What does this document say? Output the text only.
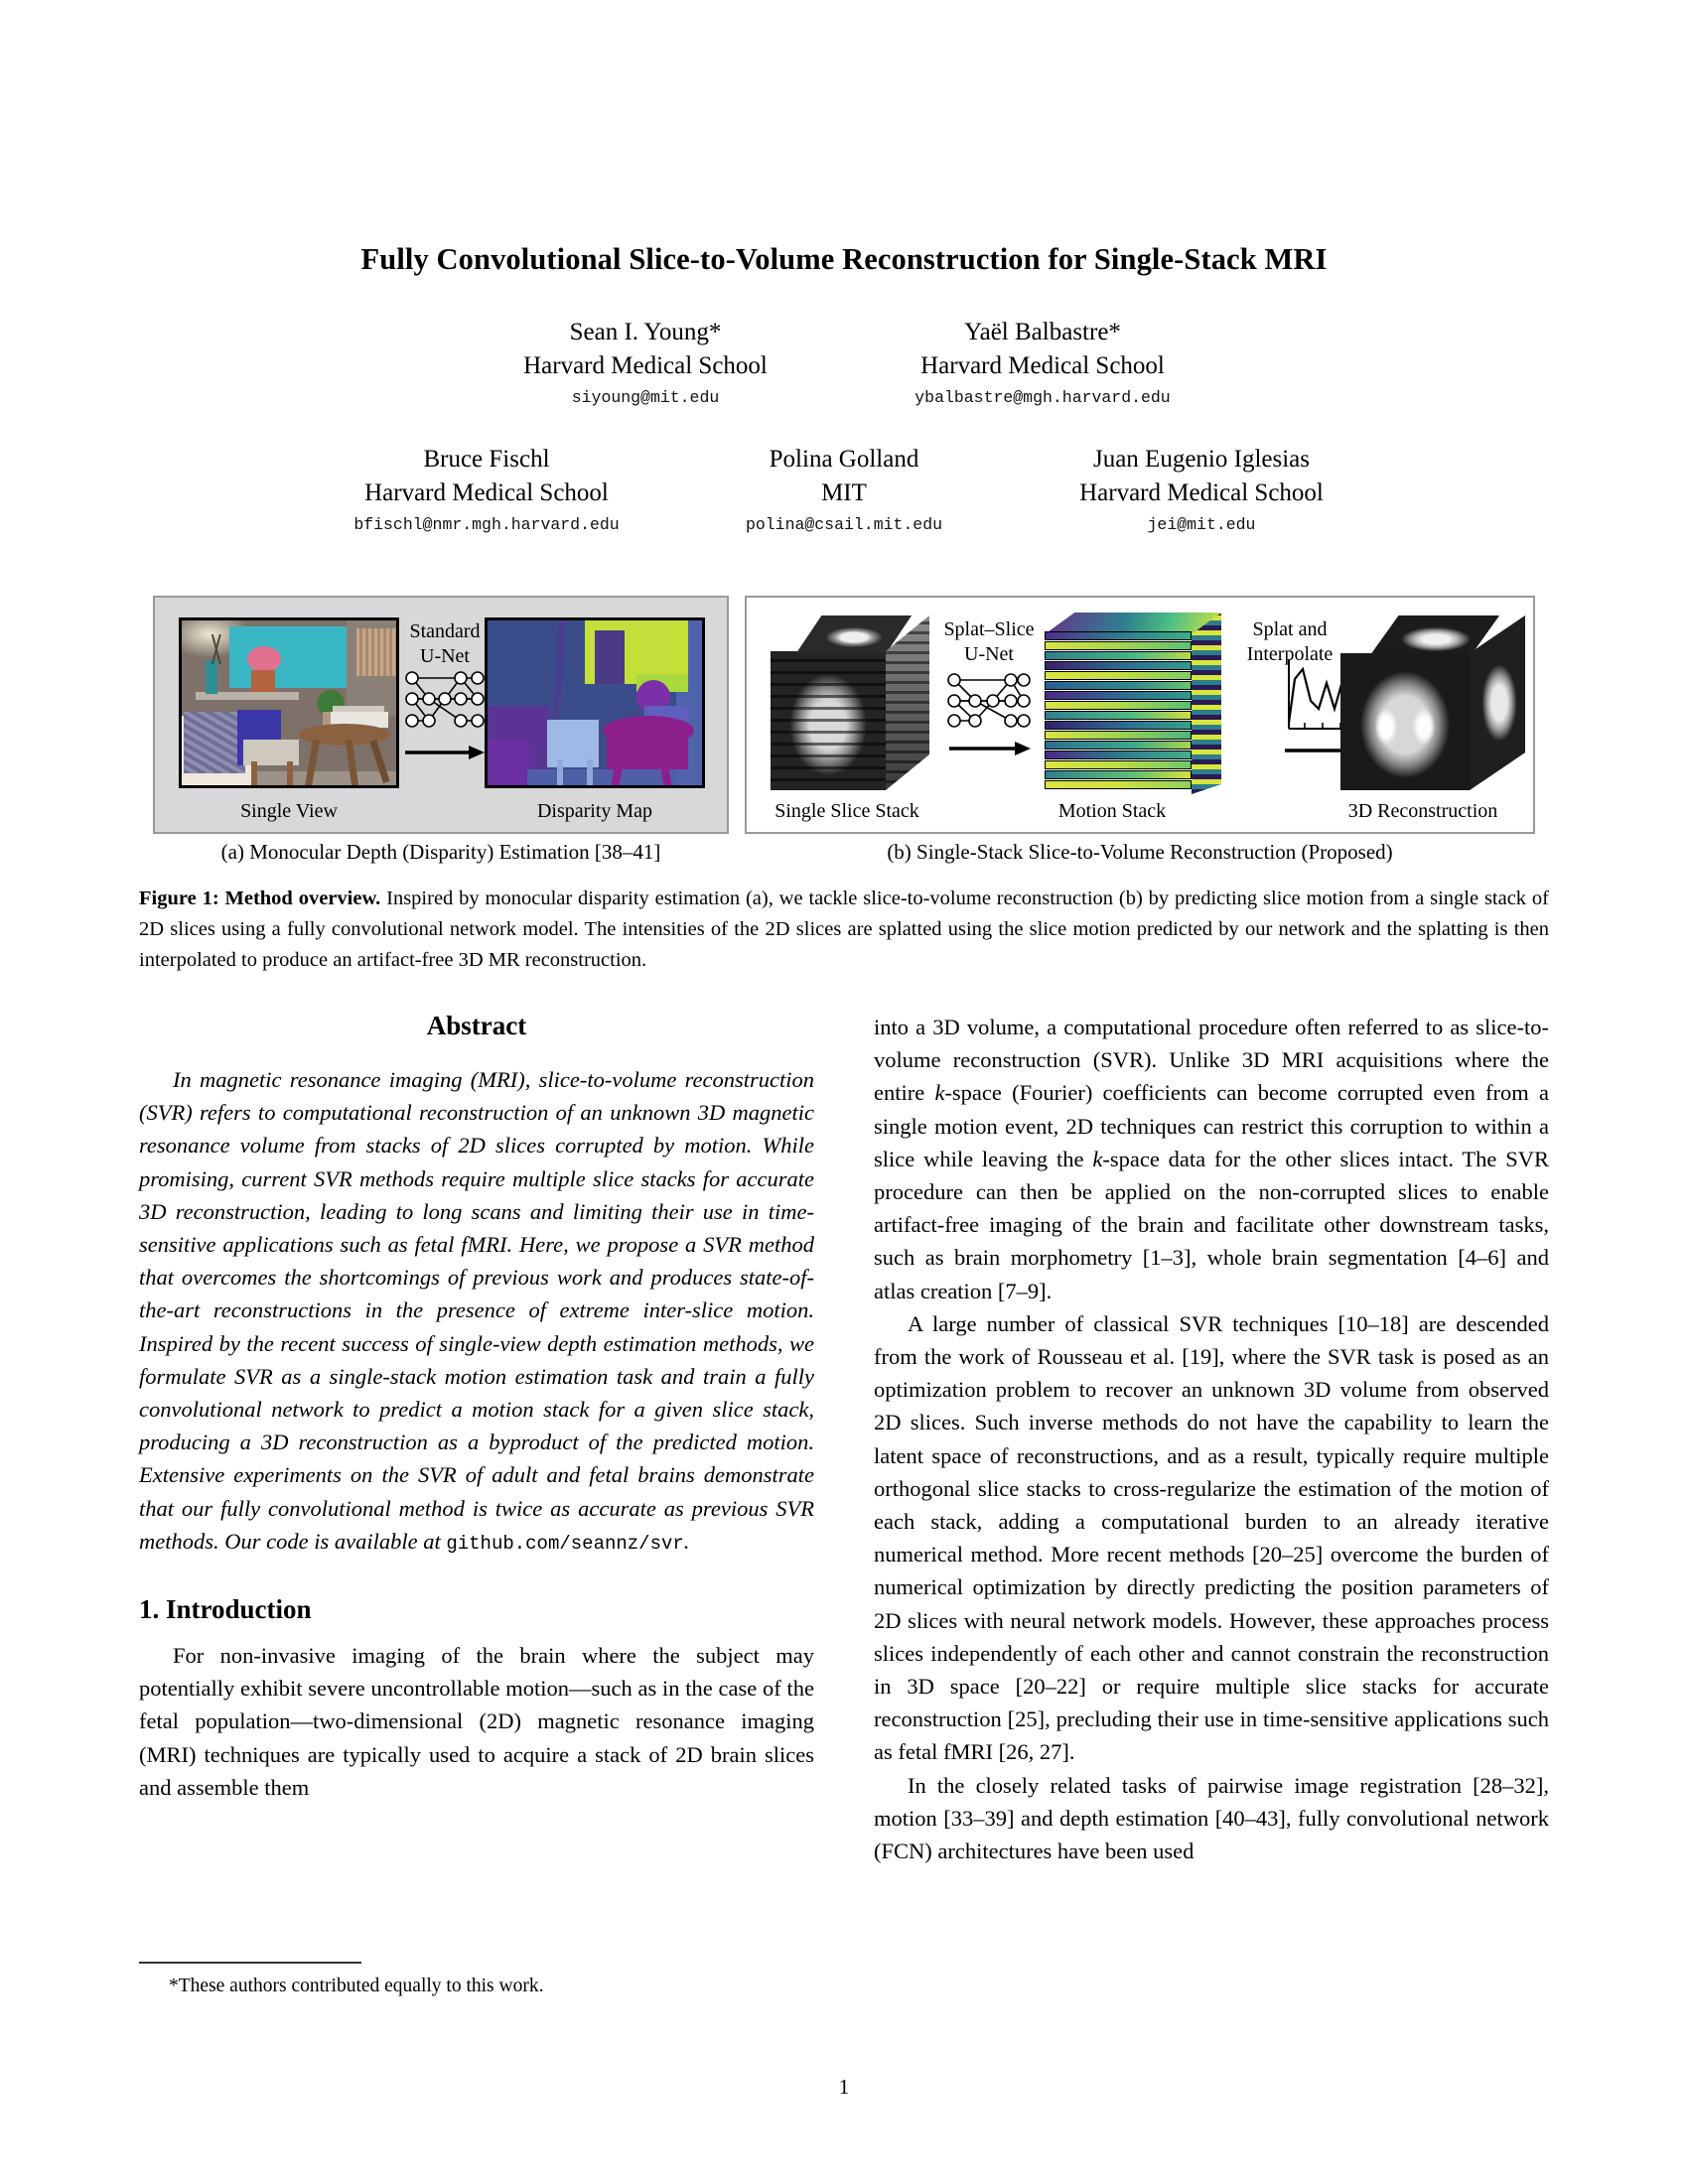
Fully Convolutional Slice-to-Volume Reconstruction for Single-Stack MRI
Sean I. Young*
Harvard Medical School
siyoung@mit.edu
Yaël Balbastre*
Harvard Medical School
ybalbastre@mgh.harvard.edu
Bruce Fischl
Harvard Medical School
bfischl@nmr.mgh.harvard.edu
Polina Golland
MIT
polina@csail.mit.edu
Juan Eugenio Iglesias
Harvard Medical School
jei@mit.edu
Standard
U-Net
Single View	Disparity Map
Splat–Slice
U-Net
Splat and
Interpolate
Single Slice Stack	Motion Stack	3D Reconstruction
(a) Monocular Depth (Disparity) Estimation [38–41]	(b) Single-Stack Slice-to-Volume Reconstruction (Proposed)
Figure 1: Method overview. Inspired by monocular disparity estimation (a), we tackle slice-to-volume reconstruction (b) by predicting slice motion from a single stack of 2D slices using a fully convolutional network model. The intensities of the 2D slices are splatted using the slice motion predicted by our network and the splatting is then interpolated to produce an artifact-free 3D MR reconstruction.
Abstract
In magnetic resonance imaging (MRI), slice-to-volume reconstruction (SVR) refers to computational reconstruction of an unknown 3D magnetic resonance volume from stacks of 2D slices corrupted by motion. While promising, current SVR methods require multiple slice stacks for accurate 3D reconstruction, leading to long scans and limiting their use in time-sensitive applications such as fetal fMRI. Here, we propose a SVR method that overcomes the shortcomings of previous work and produces state-of-the-art reconstructions in the presence of extreme inter-slice motion. Inspired by the recent success of single-view depth estimation methods, we formulate SVR as a single-stack motion estimation task and train a fully convolutional network to predict a motion stack for a given slice stack, producing a 3D reconstruction as a byproduct of the predicted motion. Extensive experiments on the SVR of adult and fetal brains demonstrate that our fully convolutional method is twice as accurate as previous SVR methods. Our code is available at github.com/seannz/svr.
1. Introduction

For non-invasive imaging of the brain where the subject may potentially exhibit severe uncontrollable motion—such as in the case of the fetal population—two-dimensional (2D) magnetic resonance imaging (MRI) techniques are typically used to acquire a stack of 2D brain slices and assemble them

into a 3D volume, a computational procedure often referred to as slice-to-volume reconstruction (SVR). Unlike 3D MRI acquisitions where the entire k-space (Fourier) coefficients can become corrupted even from a single motion event, 2D techniques can restrict this corruption to within a slice while leaving the k-space data for the other slices intact. The SVR procedure can then be applied on the non-corrupted slices to enable artifact-free imaging of the brain and facilitate other downstream tasks, such as brain morphometry [1–3], whole brain segmentation [4–6] and atlas creation [7–9].

A large number of classical SVR techniques [10–18] are descended from the work of Rousseau et al. [19], where the SVR task is posed as an optimization problem to recover an unknown 3D volume from observed 2D slices. Such inverse methods do not have the capability to learn the latent space of reconstructions, and as a result, typically require multiple orthogonal slice stacks to cross-regularize the estimation of the motion of each stack, adding a computational burden to an already iterative numerical method. More recent methods [20–25] overcome the burden of numerical optimization by directly predicting the position parameters of 2D slices with neural network models. However, these approaches process slices independently of each other and cannot constrain the reconstruction in 3D space [20–22] or require multiple slice stacks for accurate reconstruction [25], precluding their use in time-sensitive applications such as fetal fMRI [26, 27].

In the closely related tasks of pairwise image registration [28–32], motion [33–39] and depth estimation [40–43], fully convolutional network (FCN) architectures have been used

*These authors contributed equally to this work.
1
